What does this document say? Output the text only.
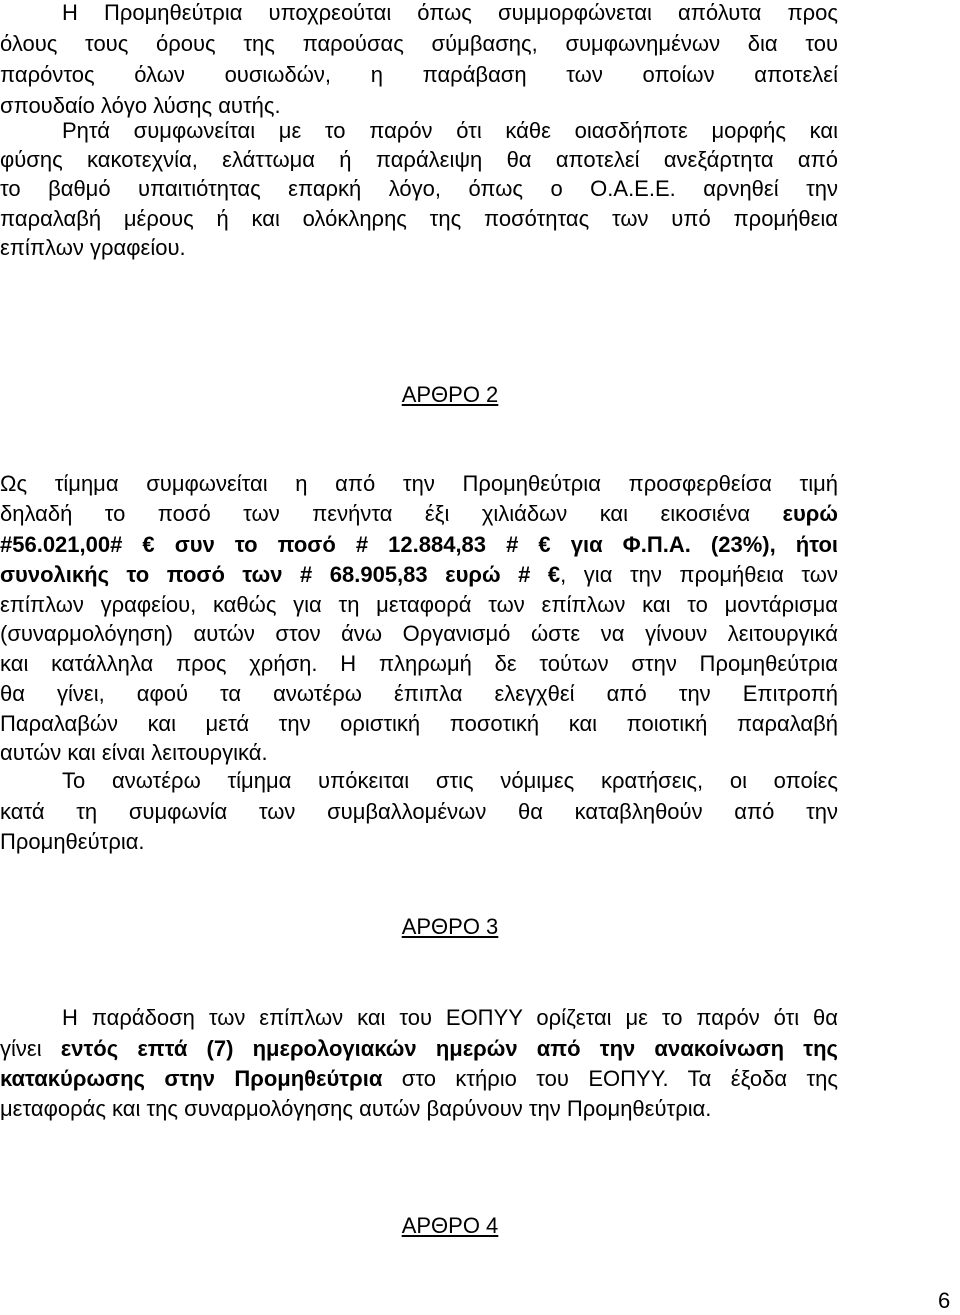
Η Προμηθεύτρια υποχρεούται όπως συμμορφώνεται απόλυτα προς
όλους τους όρους της παρούσας σύμβασης, συμφωνημένων δια του
παρόντος όλων ουσιωδών, η παράβαση των οποίων αποτελεί
σπουδαίο λόγο λύσης αυτής.
Ρητά συμφωνείται με το παρόν ότι κάθε οιασδήποτε μορφής και
φύσης κακοτεχνία, ελάττωμα ή παράλειψη θα αποτελεί ανεξάρτητα από
το βαθμό υπαιτιότητας επαρκή λόγο, όπως ο Ο.Α.Ε.Ε. αρνηθεί την
παραλαβή μέρους ή και ολόκληρης της ποσότητας των υπό προμήθεια
επίπλων γραφείου.
ΑΡΘΡΟ 2
Ως τίμημα συμφωνείται η από την Προμηθεύτρια προσφερθείσα τιμή
δηλαδή το ποσό των πενήντα έξι χιλιάδων και εικοσιένα ευρώ
#56.021,00# € συν το ποσό # 12.884,83 # € για Φ.Π.Α. (23%), ήτοι
συνολικής το ποσό των # 68.905,83 ευρώ # €, για την προμήθεια των
επίπλων γραφείου, καθώς για τη μεταφορά των επίπλων και το μοντάρισμα
(συναρμολόγηση) αυτών στον άνω Οργανισμό ώστε να γίνουν λειτουργικά
και κατάλληλα προς χρήση. Η πληρωμή δε τούτων στην Προμηθεύτρια
θα γίνει, αφού τα ανωτέρω έπιπλα ελεγχθεί από την Επιτροπή
Παραλαβών και μετά την οριστική ποσοτική και ποιοτική παραλαβή
αυτών και είναι λειτουργικά.
Το ανωτέρω τίμημα υπόκειται στις νόμιμες κρατήσεις, οι οποίες
κατά τη συμφωνία των συμβαλλομένων θα καταβληθούν από την
Προμηθεύτρια.
ΑΡΘΡΟ 3
Η παράδοση των επίπλων και του ΕΟΠΥΥ ορίζεται με το παρόν ότι θα
γίνει εντός επτά (7) ημερολογιακών ημερών από την ανακοίνωση της
κατακύρωσης στην Προμηθεύτρια στο κτήριο του ΕΟΠΥΥ. Τα έξοδα της
μεταφοράς και της συναρμολόγησης αυτών βαρύνουν την Προμηθεύτρια.
ΑΡΘΡΟ 4
6
